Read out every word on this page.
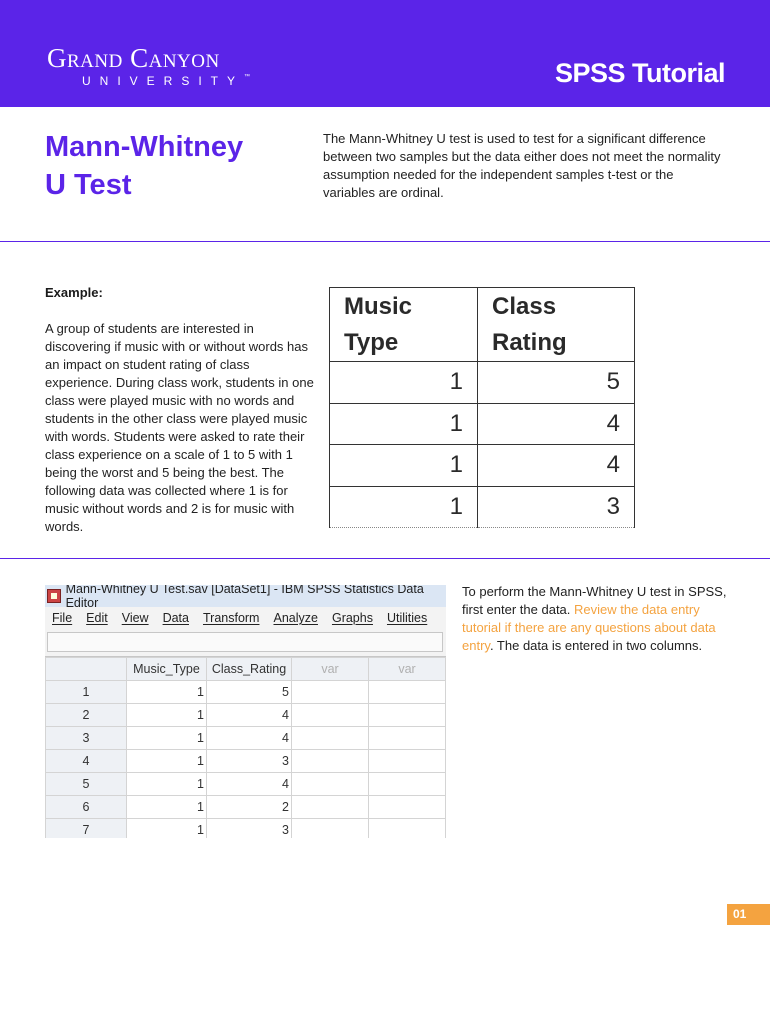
Grand Canyon
UNIVERSITY™	SPSS Tutorial
Mann-Whitney
U Test
The Mann-Whitney U test is used to test for a significant difference between two samples but the data either does not meet the normality assumption needed for the independent samples t-test or the variables are ordinal.
Example:
A group of students are interested in discovering if music with or without words has an impact on student rating of class experience. During class work, students in one class were played music with no words and students in the other class were played music with words. Students were asked to rate their class experience on a scale of 1 to 5 with 1 being the worst and 5 being the best. The following data was collected where 1 is for music without words and 2 is for music with words.
Music Type	Class Rating
1	5
1	4
1	4
1	3
Mann-Whitney U Test.sav [DataSet1] - IBM SPSS Statistics Data Editor
File Edit View Data Transform Analyze Graphs Utilities
	Music_Type	Class_Rating	var	var
1	1	5		
2	1	4		
3	1	4		
4	1	3		
5	1	4		
6	1	2		
7	1	3		
To perform the Mann-Whitney U test in SPSS, first enter the data. Review the data entry tutorial if there are any questions about data entry. The data is entered in two columns.
01
